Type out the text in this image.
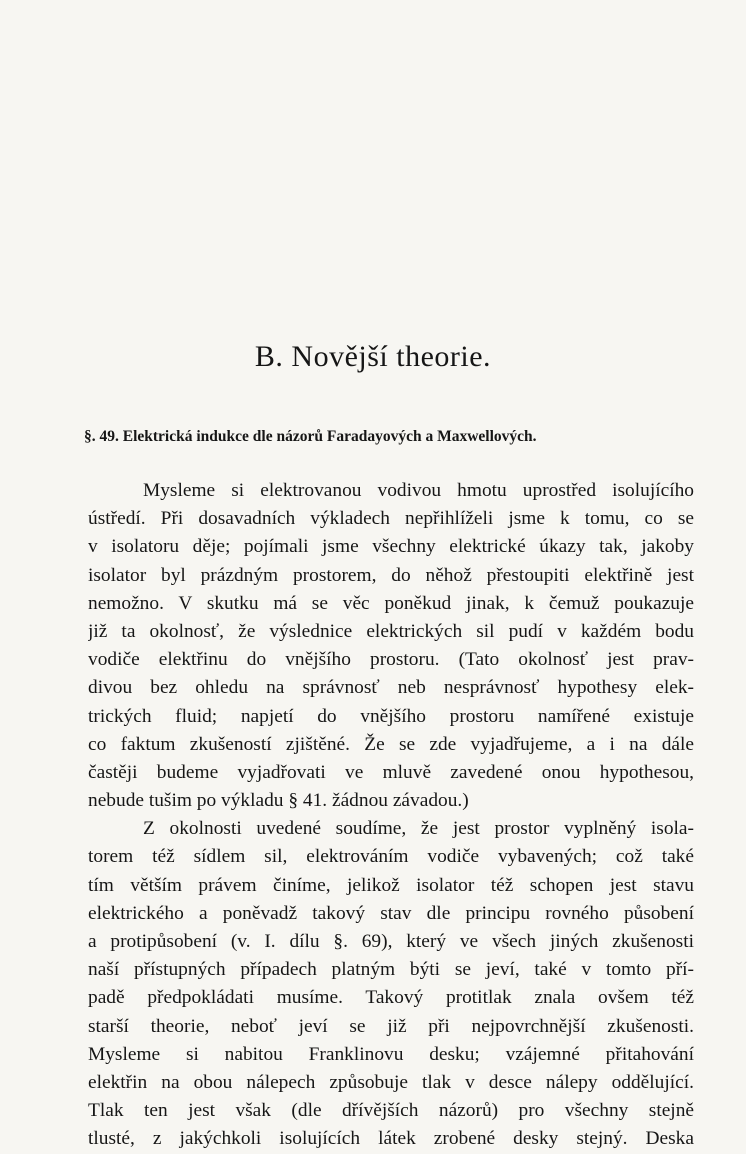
B. Novější theorie.
§. 49. Elektrická indukce dle názorů Faradayových a Maxwellových.
Mysleme si elektrovanou vodivou hmotu uprostřed isolujícího
ústředí. Při dosavadních výkladech nepřihlíželi jsme k tomu, co se
v isolatoru děje; pojímali jsme všechny elektrické úkazy tak, jakoby
isolator byl prázdným prostorem, do něhož přestoupiti elektřině jest
nemožno. V skutku má se věc poněkud jinak, k čemuž poukazuje
již ta okolnosť, že výslednice elektrických sil pudí v každém bodu
vodiče elektřinu do vnějšího prostoru. (Tato okolnosť jest prav-
divou bez ohledu na správnosť neb nesprávnosť hypothesy elek-
trických fluid; napjetí do vnějšího prostoru namířené existuje
co faktum zkušeností zjištěné. Že se zde vyjadřujeme, a i na dále
častěji budeme vyjadřovati ve mluvě zavedené onou hypothesou,
nebude tušim po výkladu § 41. žádnou závadou.)
Z okolnosti uvedené soudíme, že jest prostor vyplněný isola-
torem též sídlem sil, elektrováním vodiče vybavených; což také
tím větším právem činíme, jelikož isolator též schopen jest stavu
elektrického a poněvadž takový stav dle principu rovného působení
a protipůsobení (v. I. dílu §. 69), který ve všech jiných zkušenosti
naší přístupných případech platným býti se jeví, také v tomto pří-
padě předpokládati musíme. Takový protitlak znala ovšem též
starší theorie, neboť jeví se již při nejpovrchnější zkušenosti.
Mysleme si nabitou Franklinovu desku; vzájemné přitahování
elektřin na obou nálepech způsobuje tlak v desce nálepy oddělující.
Tlak ten jest však (dle dřívějších názorů) pro všechny stejně
tlusté, z jakýchkoli isolujících látek zrobené desky stejný. Deska
